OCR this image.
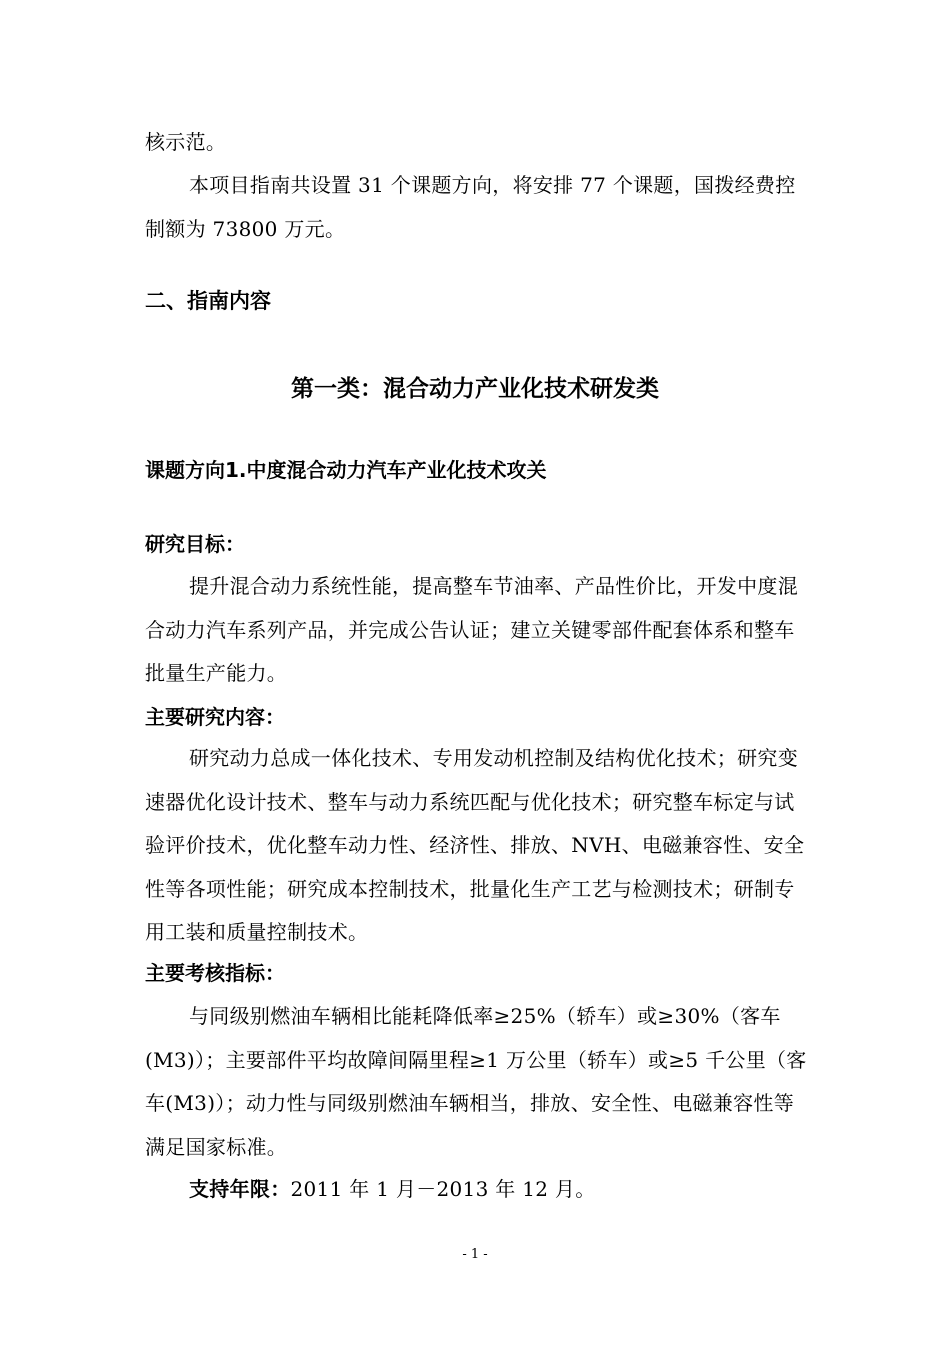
核示范。

本项目指南共设置 31 个课题方向，将安排 77 个课题，国拨经费控制额为 73800 万元。

二、指南内容
第一类：混合动力产业化技术研发类
课题方向1.中度混合动力汽车产业化技术攻关

研究目标：

提升混合动力系统性能，提高整车节油率、产品性价比，开发中度混合动力汽车系列产品，并完成公告认证；建立关键零部件配套体系和整车批量生产能力。

主要研究内容：

研究动力总成一体化技术、专用发动机控制及结构优化技术；研究变速器优化设计技术、整车与动力系统匹配与优化技术；研究整车标定与试验评价技术，优化整车动力性、经济性、排放、NVH、电磁兼容性、安全性等各项性能；研究成本控制技术，批量化生产工艺与检测技术；研制专用工装和质量控制技术。

主要考核指标：

与同级别燃油车辆相比能耗降低率≥25%（轿车）或≥30%（客车(M3)）；主要部件平均故障间隔里程≥1 万公里（轿车）或≥5 千公里（客车(M3)）；动力性与同级别燃油车辆相当，排放、安全性、电磁兼容性等满足国家标准。

支持年限：2011 年 1 月－2013 年 12 月。

- 1 -
